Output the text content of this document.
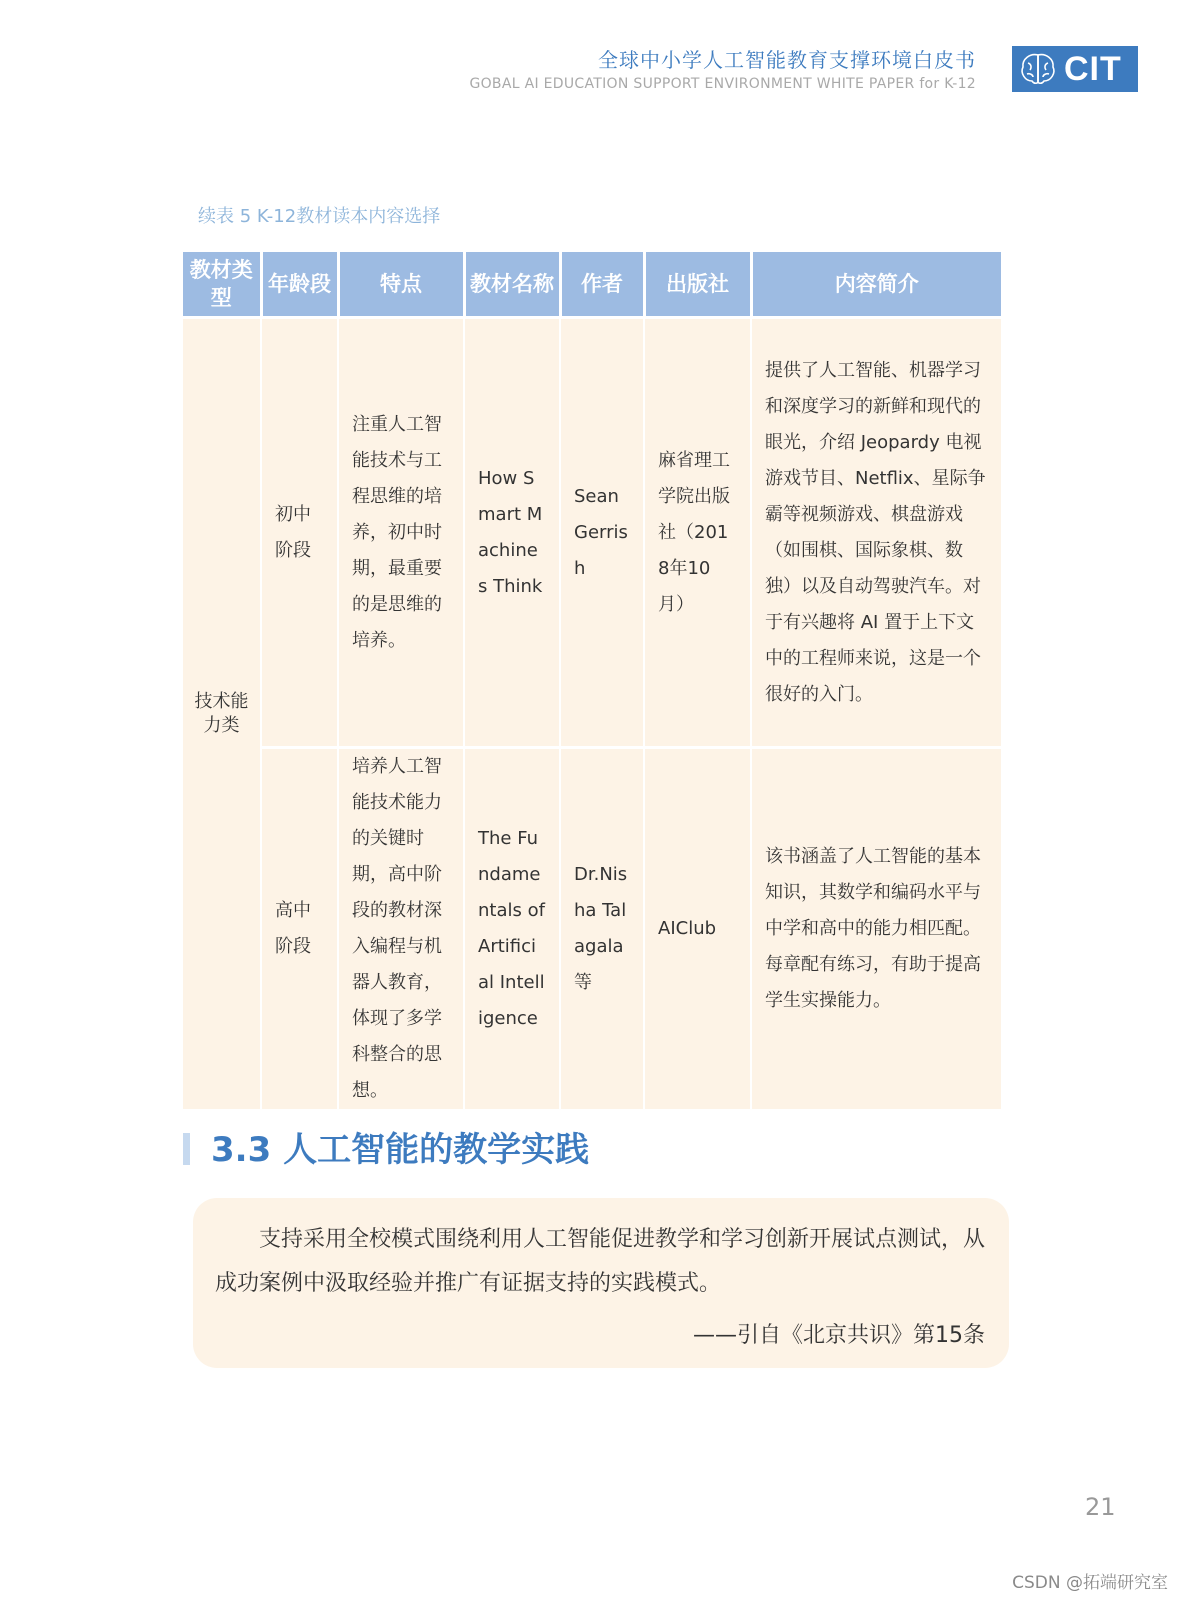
全球中小学人工智能教育支撑环境白皮书
GOBAL AI EDUCATION SUPPORT ENVIRONMENT WHITE PAPER for K-12	CIT
续表 5 K-12教材读本内容选择
教材类型	年龄段	特点	教材名称	作者	出版社	内容简介
技术能力类	初中阶段	注重人工智能技术与工程思维的培养，初中时期，最重要的是思维的培养。	How Smart Machines Think	Sean Gerrish	麻省理工学院出版社（2018年10月）	提供了人工智能、机器学习和深度学习的新鲜和现代的眼光，介绍 Jeopardy 电视游戏节目、Netflix、星际争霸等视频游戏、棋盘游戏（如围棋、国际象棋、数独）以及自动驾驶汽车。对于有兴趣将 AI 置于上下文中的工程师来说，这是一个很好的入门。
	高中阶段	培养人工智能技术能力的关键时期，高中阶段的教材深入编程与机器人教育，体现了多学科整合的思想。	The Fundamentals of Artificial Intelligence	Dr.Nisha Talagala等	AIClub	该书涵盖了人工智能的基本知识，其数学和编码水平与中学和高中的能力相匹配。每章配有练习，有助于提高学生实操能力。
3.3 人工智能的教学实践

支持采用全校模式围绕利用人工智能促进教学和学习创新开展试点测试，从成功案例中汲取经验并推广有证据支持的实践模式。

——引自《北京共识》第15条
21
CSDN @拓端研究室
